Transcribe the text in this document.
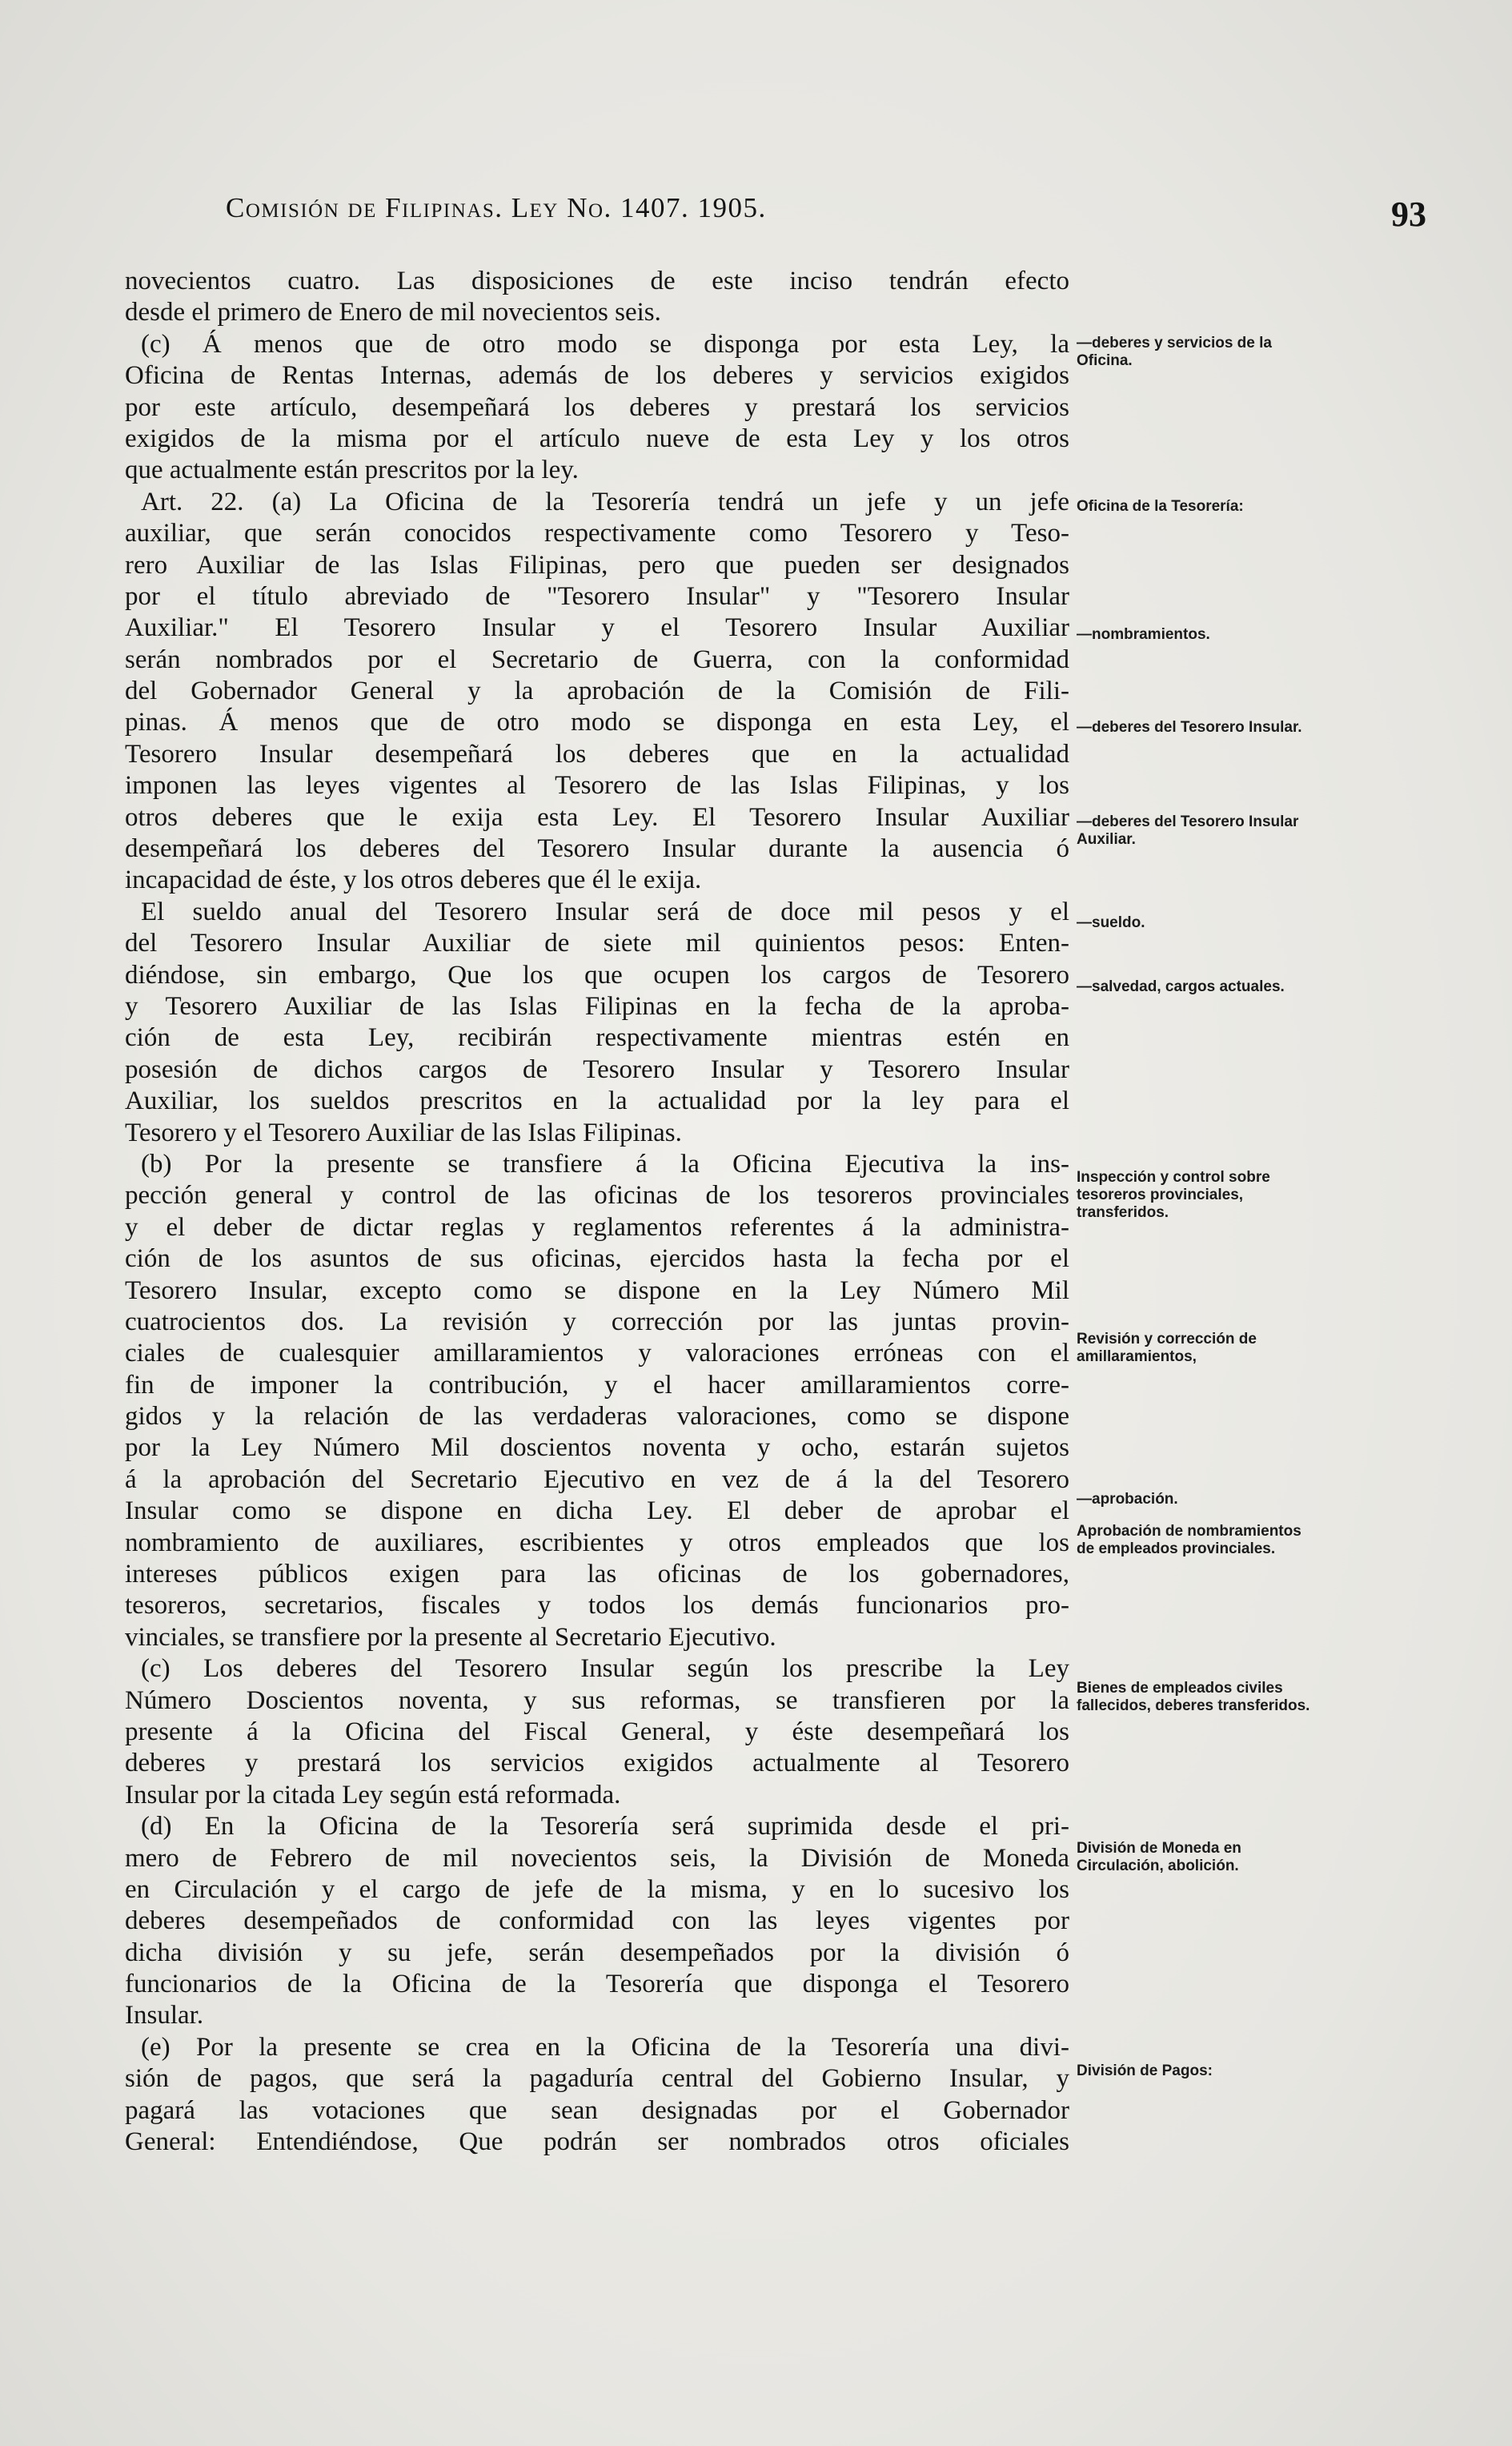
Comisión de Filipinas. Ley No. 1407. 1905.	93
novecientos cuatro. Las disposiciones de este inciso tendrán efecto
desde el primero de Enero de mil novecientos seis.
(c) Á menos que de otro modo se disponga por esta Ley, la
Oficina de Rentas Internas, además de los deberes y servicios exigidos
por este artículo, desempeñará los deberes y prestará los servicios
exigidos de la misma por el artículo nueve de esta Ley y los otros
que actualmente están prescritos por la ley.
Art. 22. (a) La Oficina de la Tesorería tendrá un jefe y un jefe
auxiliar, que serán conocidos respectivamente como Tesorero y Teso-
rero Auxiliar de las Islas Filipinas, pero que pueden ser designados
por el título abreviado de "Tesorero Insular" y "Tesorero Insular
Auxiliar." El Tesorero Insular y el Tesorero Insular Auxiliar
serán nombrados por el Secretario de Guerra, con la conformidad
del Gobernador General y la aprobación de la Comisión de Fili-
pinas. Á menos que de otro modo se disponga en esta Ley, el
Tesorero Insular desempeñará los deberes que en la actualidad
imponen las leyes vigentes al Tesorero de las Islas Filipinas, y los
otros deberes que le exija esta Ley. El Tesorero Insular Auxiliar
desempeñará los deberes del Tesorero Insular durante la ausencia ó
incapacidad de éste, y los otros deberes que él le exija.
El sueldo anual del Tesorero Insular será de doce mil pesos y el
del Tesorero Insular Auxiliar de siete mil quinientos pesos: Enten-
diéndose, sin embargo, Que los que ocupen los cargos de Tesorero
y Tesorero Auxiliar de las Islas Filipinas en la fecha de la aproba-
ción de esta Ley, recibirán respectivamente mientras estén en
posesión de dichos cargos de Tesorero Insular y Tesorero Insular
Auxiliar, los sueldos prescritos en la actualidad por la ley para el
Tesorero y el Tesorero Auxiliar de las Islas Filipinas.
(b) Por la presente se transfiere á la Oficina Ejecutiva la ins-
pección general y control de las oficinas de los tesoreros provinciales
y el deber de dictar reglas y reglamentos referentes á la administra-
ción de los asuntos de sus oficinas, ejercidos hasta la fecha por el
Tesorero Insular, excepto como se dispone en la Ley Número Mil
cuatrocientos dos. La revisión y corrección por las juntas provin-
ciales de cualesquier amillaramientos y valoraciones erróneas con el
fin de imponer la contribución, y el hacer amillaramientos corre-
gidos y la relación de las verdaderas valoraciones, como se dispone
por la Ley Número Mil doscientos noventa y ocho, estarán sujetos
á la aprobación del Secretario Ejecutivo en vez de á la del Tesorero
Insular como se dispone en dicha Ley. El deber de aprobar el
nombramiento de auxiliares, escribientes y otros empleados que los
intereses públicos exigen para las oficinas de los gobernadores,
tesoreros, secretarios, fiscales y todos los demás funcionarios pro-
vinciales, se transfiere por la presente al Secretario Ejecutivo.
(c) Los deberes del Tesorero Insular según los prescribe la Ley
Número Doscientos noventa, y sus reformas, se transfieren por la
presente á la Oficina del Fiscal General, y éste desempeñará los
deberes y prestará los servicios exigidos actualmente al Tesorero
Insular por la citada Ley según está reformada.
(d) En la Oficina de la Tesorería será suprimida desde el pri-
mero de Febrero de mil novecientos seis, la División de Moneda
en Circulación y el cargo de jefe de la misma, y en lo sucesivo los
deberes desempeñados de conformidad con las leyes vigentes por
dicha división y su jefe, serán desempeñados por la división ó
funcionarios de la Oficina de la Tesorería que disponga el Tesorero
Insular.
(e) Por la presente se crea en la Oficina de la Tesorería una divi-
sión de pagos, que será la pagaduría central del Gobierno Insular, y
pagará las votaciones que sean designadas por el Gobernador
General: Entendiéndose, Que podrán ser nombrados otros oficiales
—deberes y servicios de la Oficina.
Oficina de la Tesorería:
—nombramientos.
—deberes del Tesorero Insular.
—deberes del Tesorero Insular Auxiliar.
—sueldo.
—salvedad, cargos actuales.
Inspección y control sobre tesoreros provinciales, transferidos.
Revisión y corrección de amillaramientos,
—aprobación.
Aprobación de nombramientos de empleados provinciales.
Bienes de empleados civiles fallecidos, deberes transferidos.
División de Moneda en Circulación, abolición.
División de Pagos:
